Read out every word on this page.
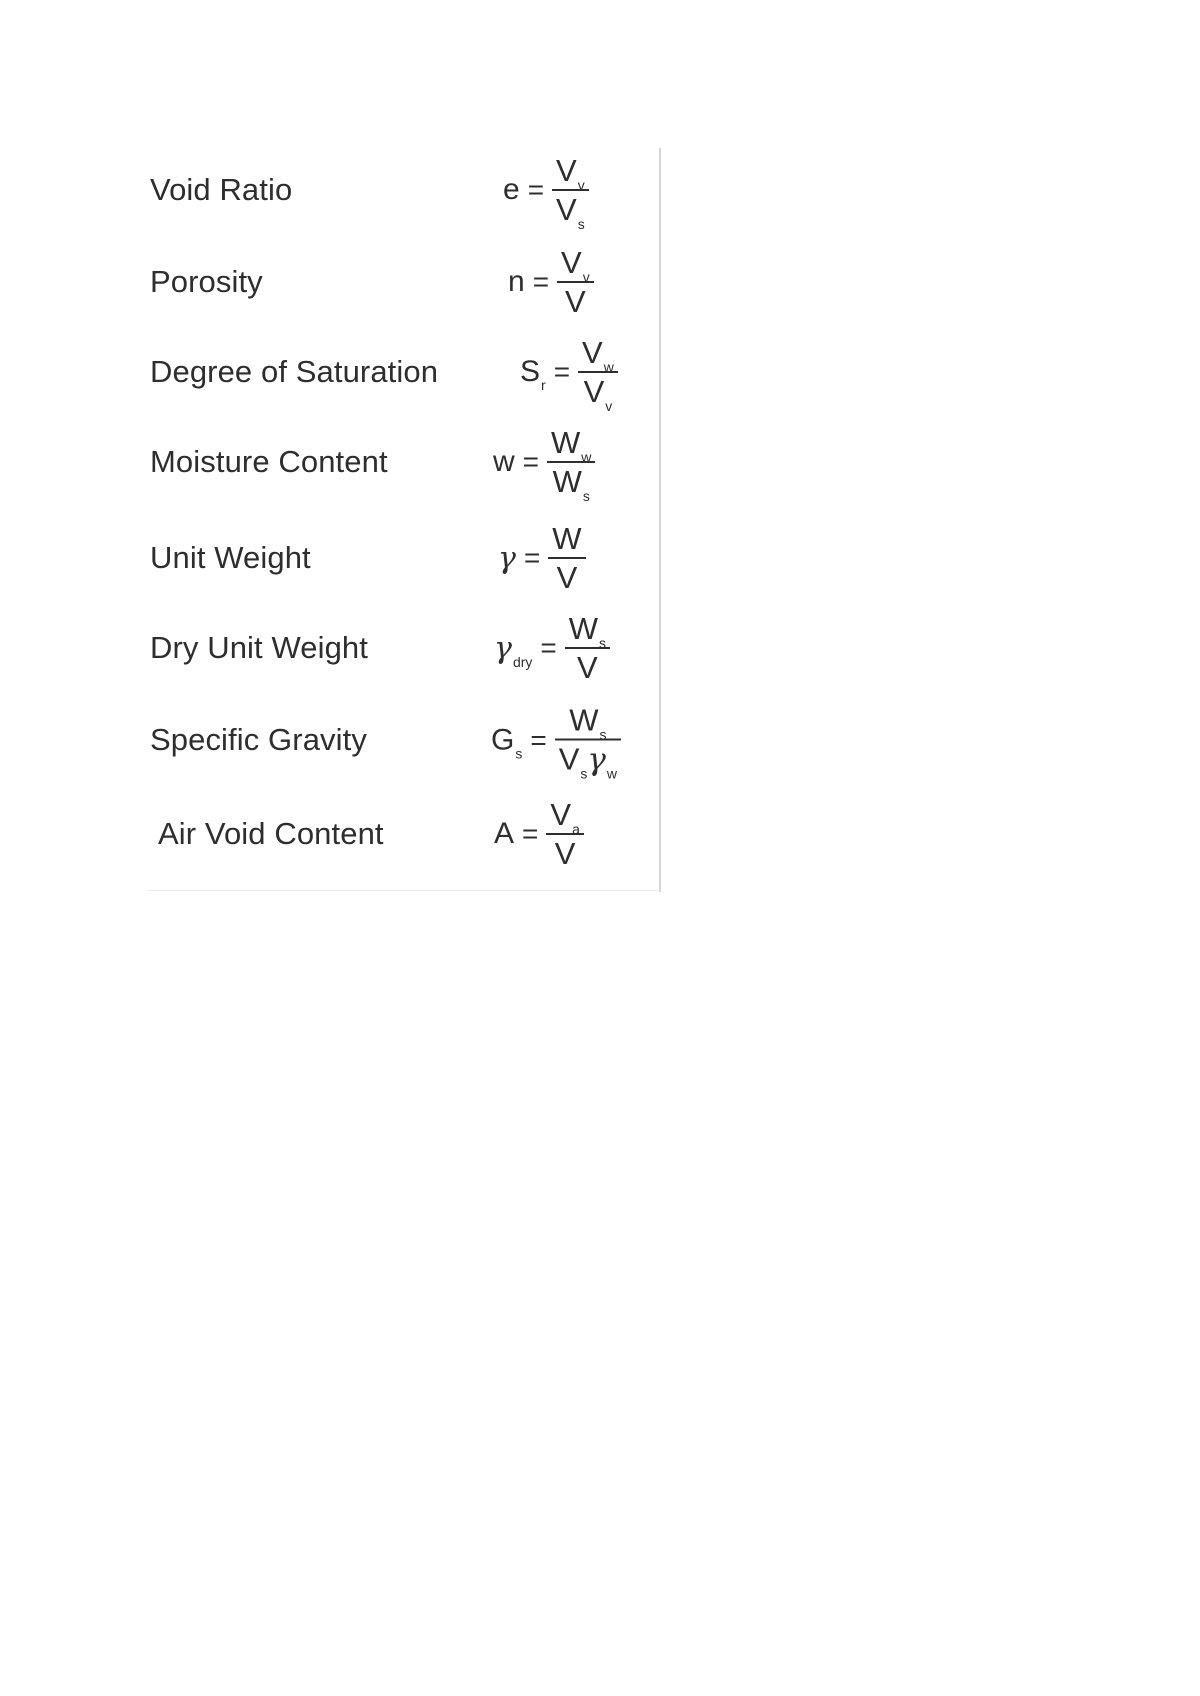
Void Ratio	$e = \frac{V_v}{V_s}$
Porosity	$n = \frac{V_v}{V}$
Degree of Saturation	S $r = \frac{V_w}{V_v}$
Moisture Content	$w = \frac{W_w}{W_s}$
Unit Weight	$\gamma = \frac{W}{V}$
Dry Unit Weight	γ dry = $\frac{W_s}{V}$
Specific Gravity	G $s = \frac{W_s}{V_s\gamma_w}$
Air Void Content	$A = \frac{V_a}{V}$
